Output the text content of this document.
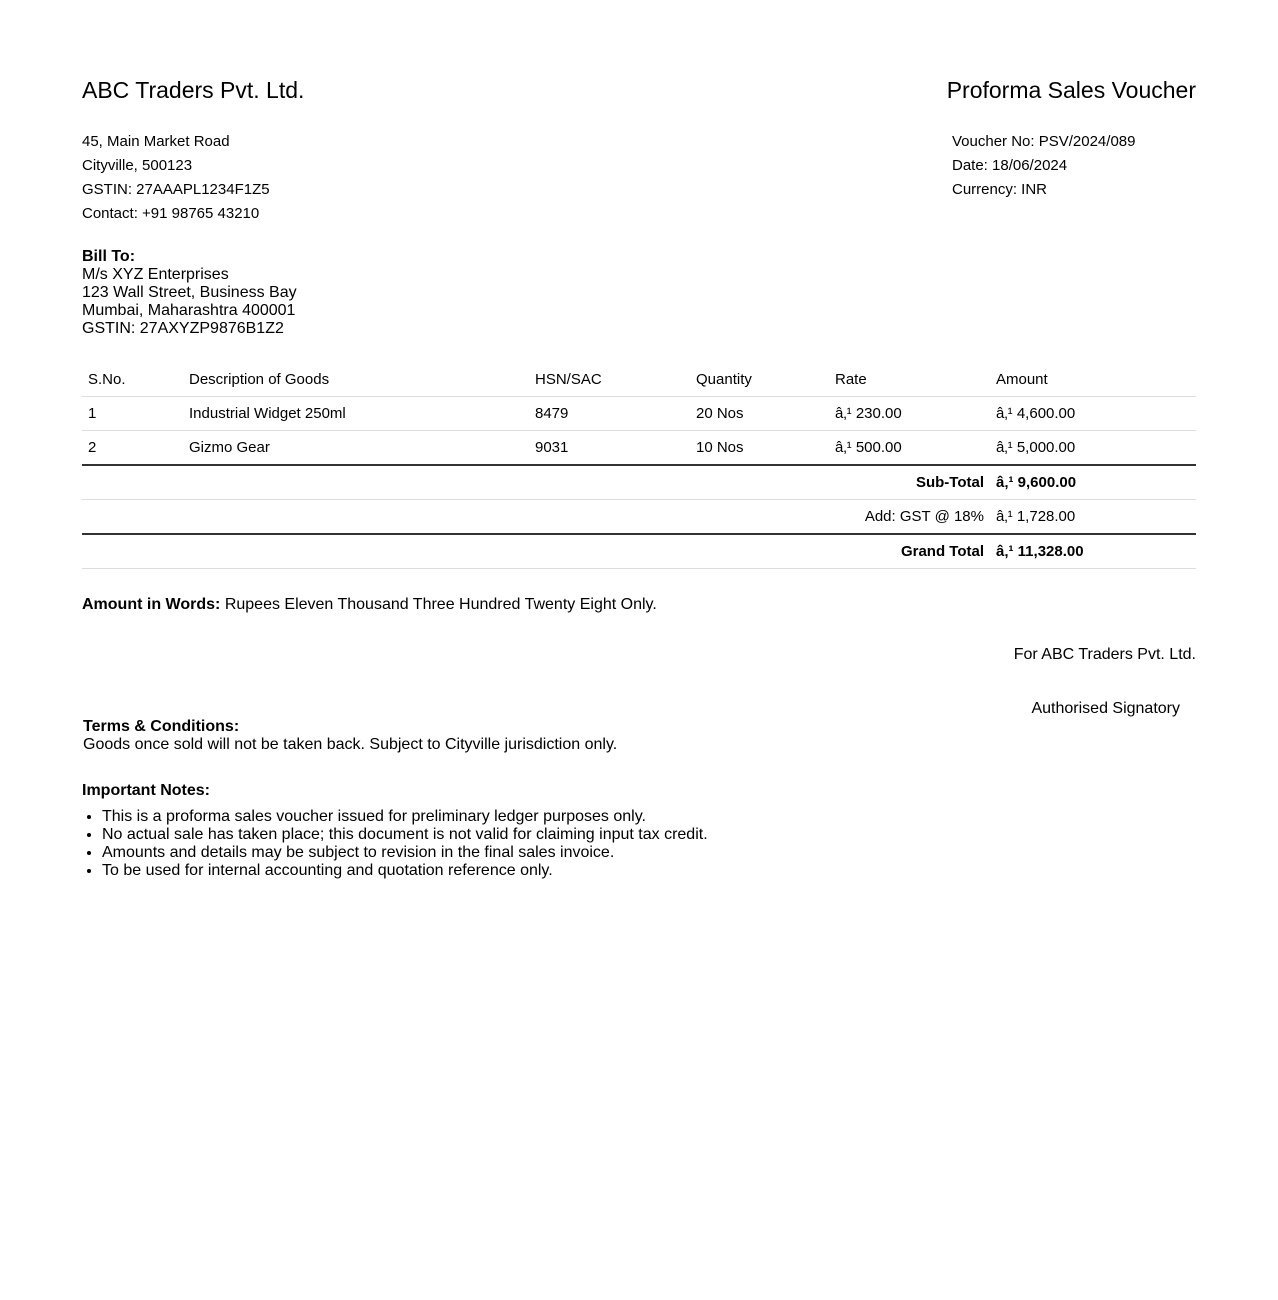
ABC Traders Pvt. Ltd.	Proforma Sales Voucher
45, Main Market Road
Cityville, 500123
GSTIN: 27AAAPL1234F1Z5
Contact: +91 98765 43210
Voucher No: PSV/2024/089
Date: 18/06/2024
Currency: INR
Bill To:
M/s XYZ Enterprises
123 Wall Street, Business Bay
Mumbai, Maharashtra 400001
GSTIN: 27AXYZP9876B1Z2
S.No.	Description of Goods	HSN/SAC	Quantity	Rate	Amount
1	Industrial Widget 250ml	8479	20 Nos	â‚¹ 230.00	â‚¹ 4,600.00
2	Gizmo Gear	9031	10 Nos	â‚¹ 500.00	â‚¹ 5,000.00
Sub-Total					â‚¹ 9,600.00
Add: GST @ 18%					â‚¹ 1,728.00
Grand Total					â‚¹ 11,328.00
Amount in Words: Rupees Eleven Thousand Three Hundred Twenty Eight Only.
For ABC Traders Pvt. Ltd.
Authorised Signatory
Terms & Conditions:
Goods once sold will not be taken back. Subject to Cityville jurisdiction only.
Important Notes:
• This is a proforma sales voucher issued for preliminary ledger purposes only.
• No actual sale has taken place; this document is not valid for claiming input tax credit.
• Amounts and details may be subject to revision in the final sales invoice.
• To be used for internal accounting and quotation reference only.
